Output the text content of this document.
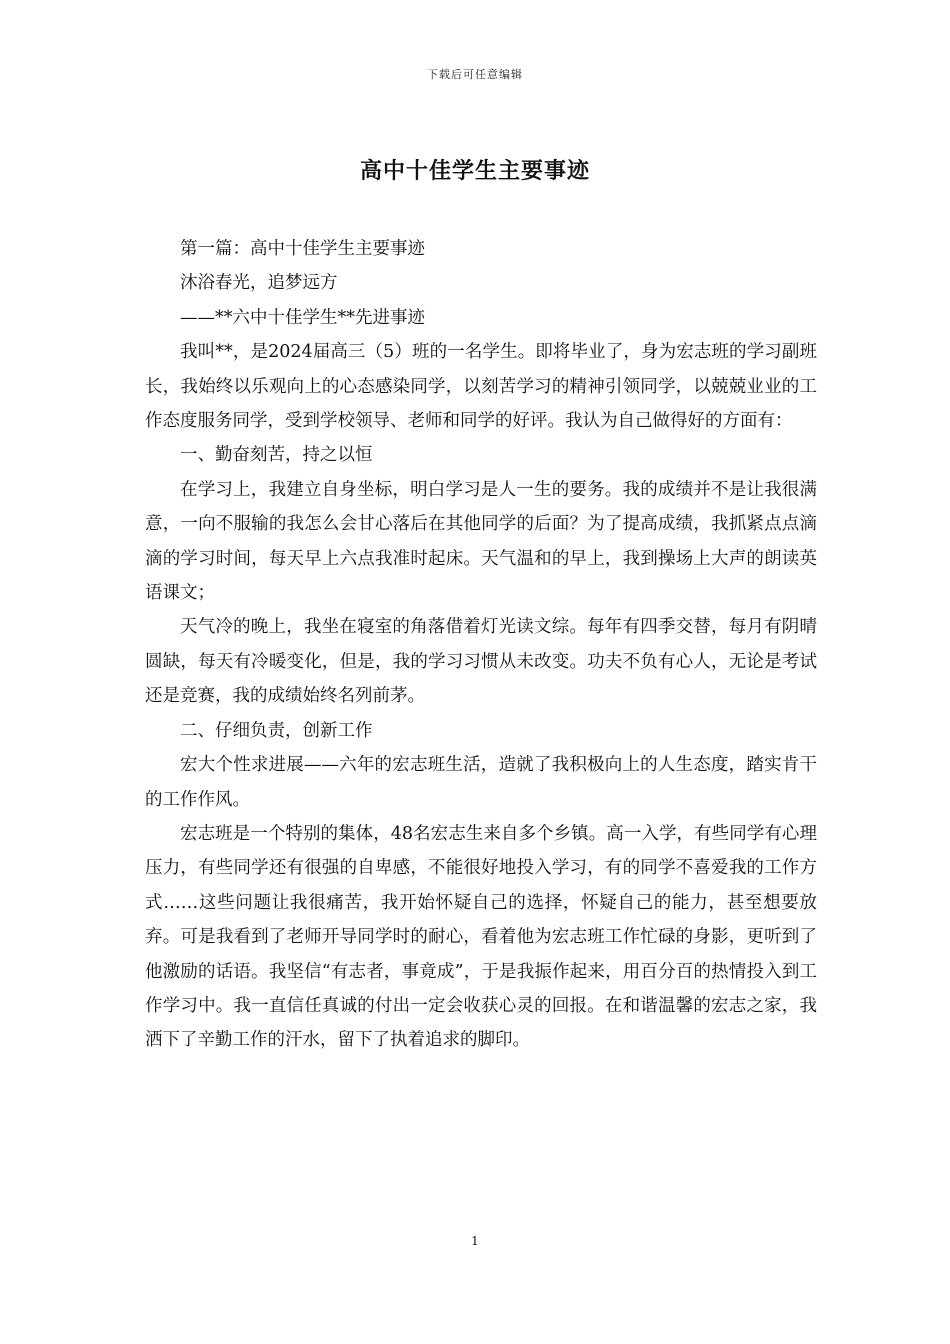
下载后可任意编辑
高中十佳学生主要事迹

第一篇：高中十佳学生主要事迹

沐浴春光，追梦远方

——**六中十佳学生**先进事迹

我叫**，是2024届高三（5）班的一名学生。即将毕业了，身为宏志班的学习副班长，我始终以乐观向上的心态感染同学，以刻苦学习的精神引领同学，以兢兢业业的工作态度服务同学，受到学校领导、老师和同学的好评。我认为自己做得好的方面有：

一、勤奋刻苦，持之以恒

在学习上，我建立自身坐标，明白学习是人一生的要务。我的成绩并不是让我很满意，一向不服输的我怎么会甘心落后在其他同学的后面？为了提高成绩，我抓紧点点滴滴的学习时间，每天早上六点我准时起床。天气温和的早上，我到操场上大声的朗读英语课文；

天气冷的晚上，我坐在寝室的角落借着灯光读文综。每年有四季交替，每月有阴晴圆缺，每天有冷暖变化，但是，我的学习习惯从未改变。功夫不负有心人，无论是考试还是竞赛，我的成绩始终名列前茅。

二、仔细负责，创新工作

宏大个性求进展——六年的宏志班生活，造就了我积极向上的人生态度，踏实肯干的工作作风。

宏志班是一个特别的集体，48名宏志生来自多个乡镇。高一入学，有些同学有心理压力，有些同学还有很强的自卑感，不能很好地投入学习，有的同学不喜爱我的工作方式……这些问题让我很痛苦，我开始怀疑自己的选择，怀疑自己的能力，甚至想要放弃。可是我看到了老师开导同学时的耐心，看着他为宏志班工作忙碌的身影，更听到了他激励的话语。我坚信“有志者，事竟成”，于是我振作起来，用百分百的热情投入到工作学习中。我一直信任真诚的付出一定会收获心灵的回报。在和谐温馨的宏志之家，我洒下了辛勤工作的汗水，留下了执着追求的脚印。

1
